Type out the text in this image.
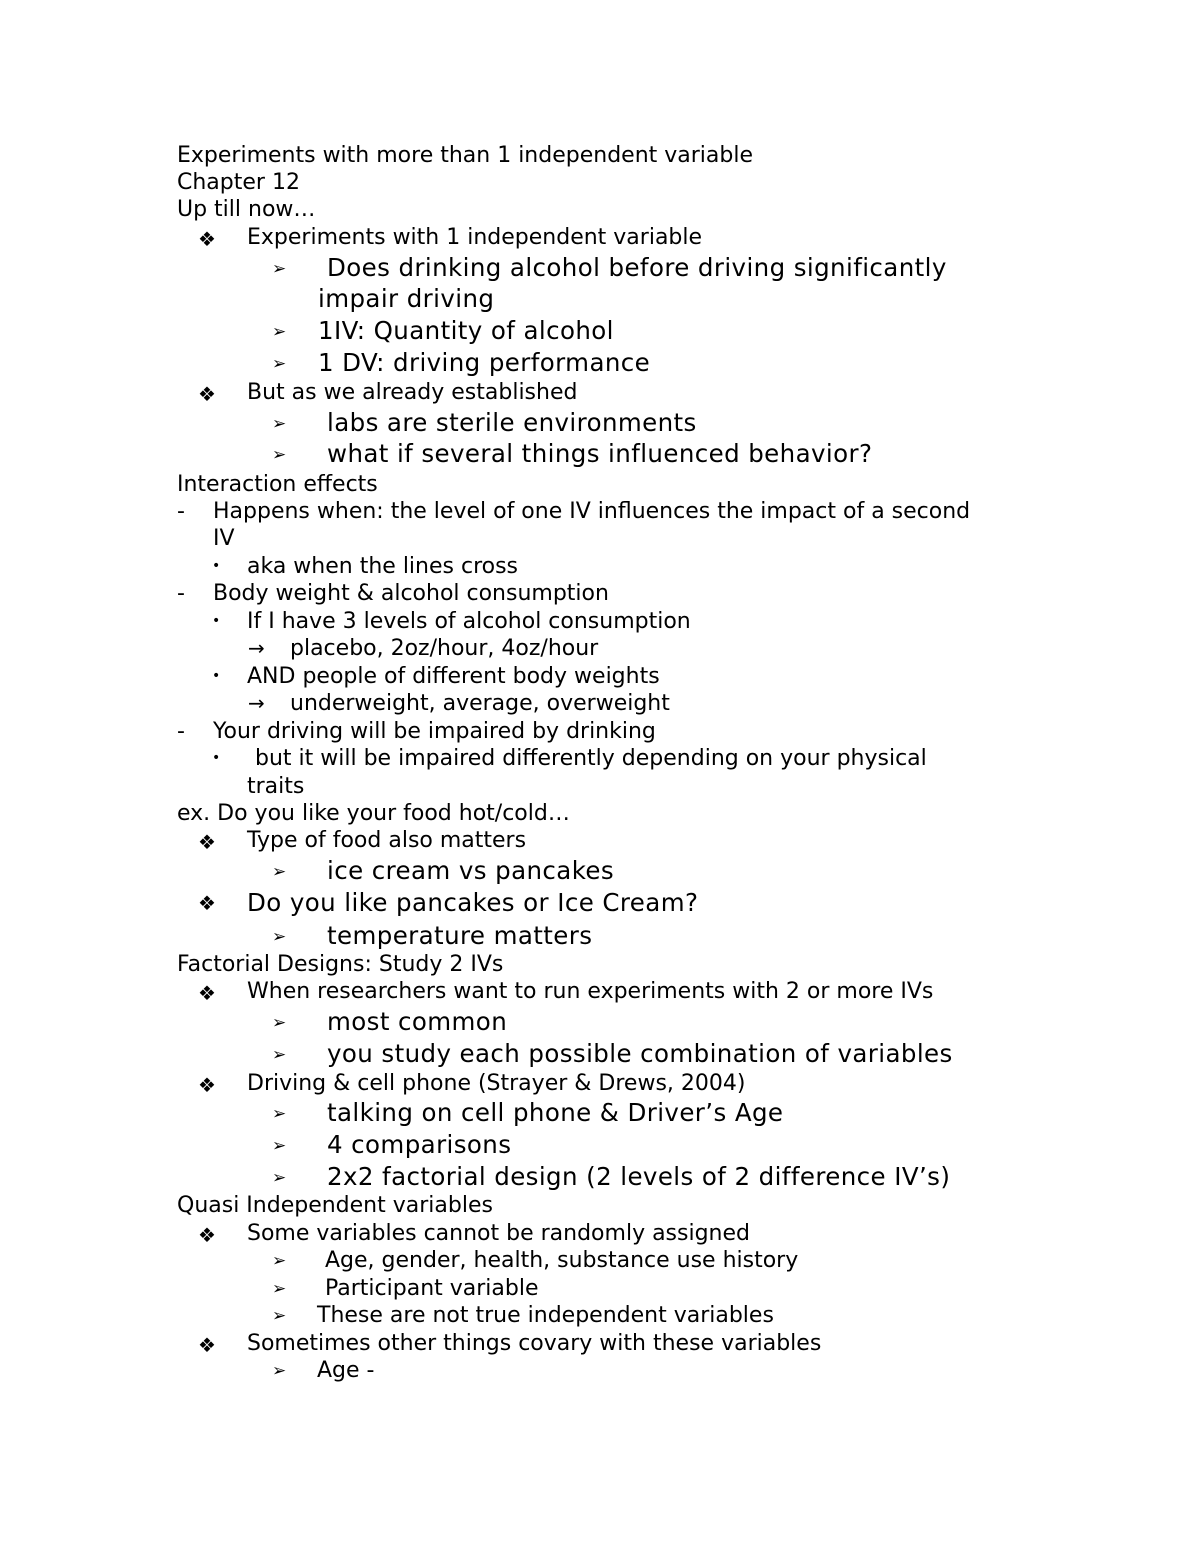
Experiments with more than 1 independent variable
Chapter 12
Up till now…
❖ Experiments with 1 independent variable
➢ Does drinking alcohol before driving significantly
impair driving
➢ 1IV: Quantity of alcohol
➢ 1 DV: driving performance
❖ But as we already established
➢ labs are sterile environments
➢ what if several things influenced behavior?
Interaction effects
- Happens when: the level of one IV influences the impact of a second
IV
• aka when the lines cross
- Body weight & alcohol consumption
• If I have 3 levels of alcohol consumption
→ placebo, 2oz/hour, 4oz/hour
• AND people of different body weights
→ underweight, average, overweight
- Your driving will be impaired by drinking
• but it will be impaired differently depending on your physical
traits
ex. Do you like your food hot/cold…
❖ Type of food also matters
➢ ice cream vs pancakes
❖ Do you like pancakes or Ice Cream?
➢ temperature matters
Factorial Designs: Study 2 IVs
❖ When researchers want to run experiments with 2 or more IVs
➢ most common
➢ you study each possible combination of variables
❖ Driving & cell phone (Strayer & Drews, 2004)
➢ talking on cell phone & Driver’s Age
➢ 4 comparisons
➢ 2x2 factorial design (2 levels of 2 difference IV’s)
Quasi Independent variables
❖ Some variables cannot be randomly assigned
➢ Age, gender, health, substance use history
➢ Participant variable
➢ These are not true independent variables
❖ Sometimes other things covary with these variables
➢ Age -
